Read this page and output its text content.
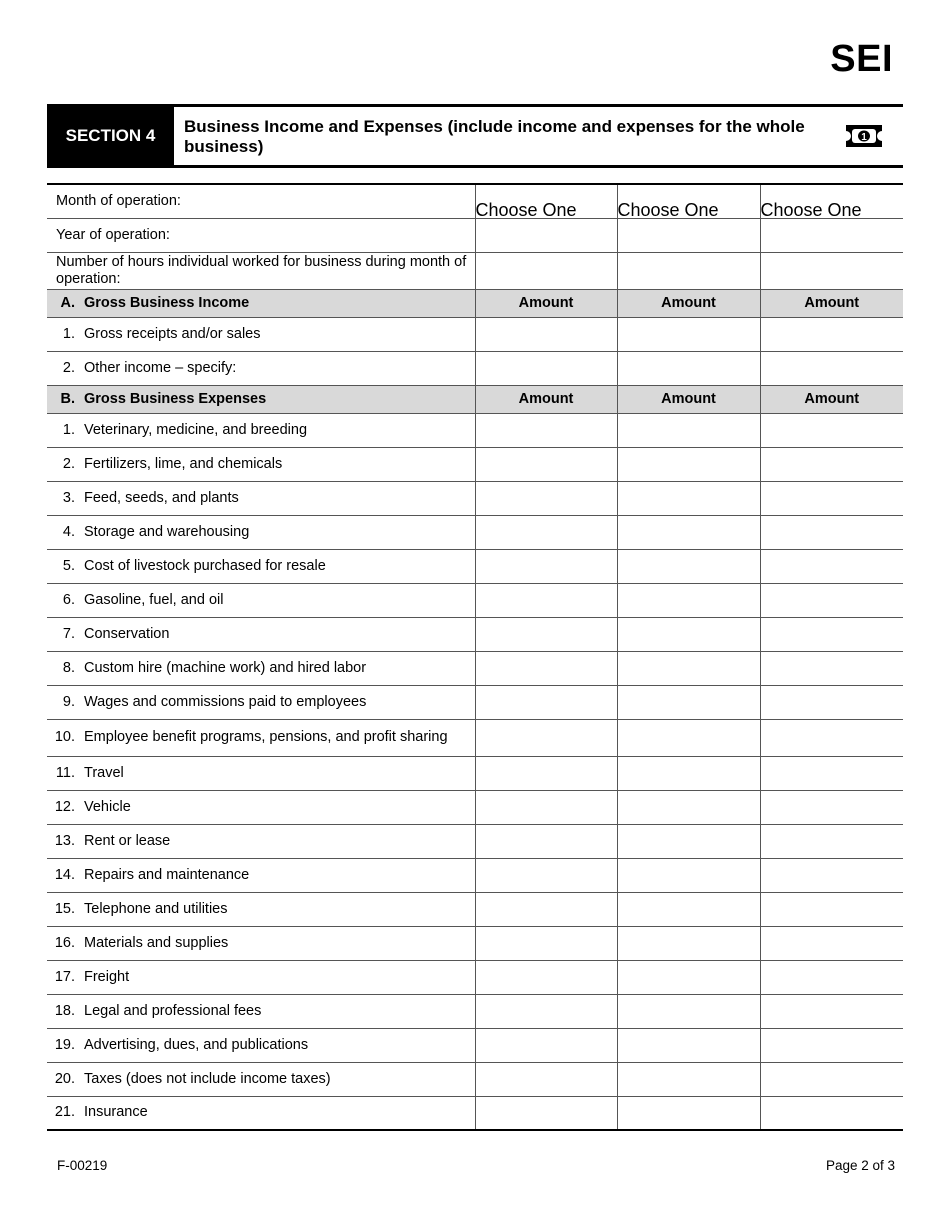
SEI
SECTION 4	Business Income and Expenses (include income and expenses for the whole business)	1
Month of operation:	Choose One	Choose One	Choose One

Year of operation:			

Number of hours individual worked for business during month of operation:			

A. Gross Business Income	Amount	Amount	Amount

1. Gross receipts and/or sales			

2. Other income – specify:			

B. Gross Business Expenses	Amount	Amount	Amount

1. Veterinary, medicine, and breeding			

2. Fertilizers, lime, and chemicals			

3. Feed, seeds, and plants			

4. Storage and warehousing			

5. Cost of livestock purchased for resale			

6. Gasoline, fuel, and oil			

7. Conservation			

8. Custom hire (machine work) and hired labor			

9. Wages and commissions paid to employees			

10. Employee benefit programs, pensions, and profit sharing			

11. Travel			

12. Vehicle			

13. Rent or lease			

14. Repairs and maintenance			

15. Telephone and utilities			

16. Materials and supplies			

17. Freight			

18. Legal and professional fees			

19. Advertising, dues, and publications			

20. Taxes (does not include income taxes)			

21. Insurance			

F-00219	Page 2 of 3
